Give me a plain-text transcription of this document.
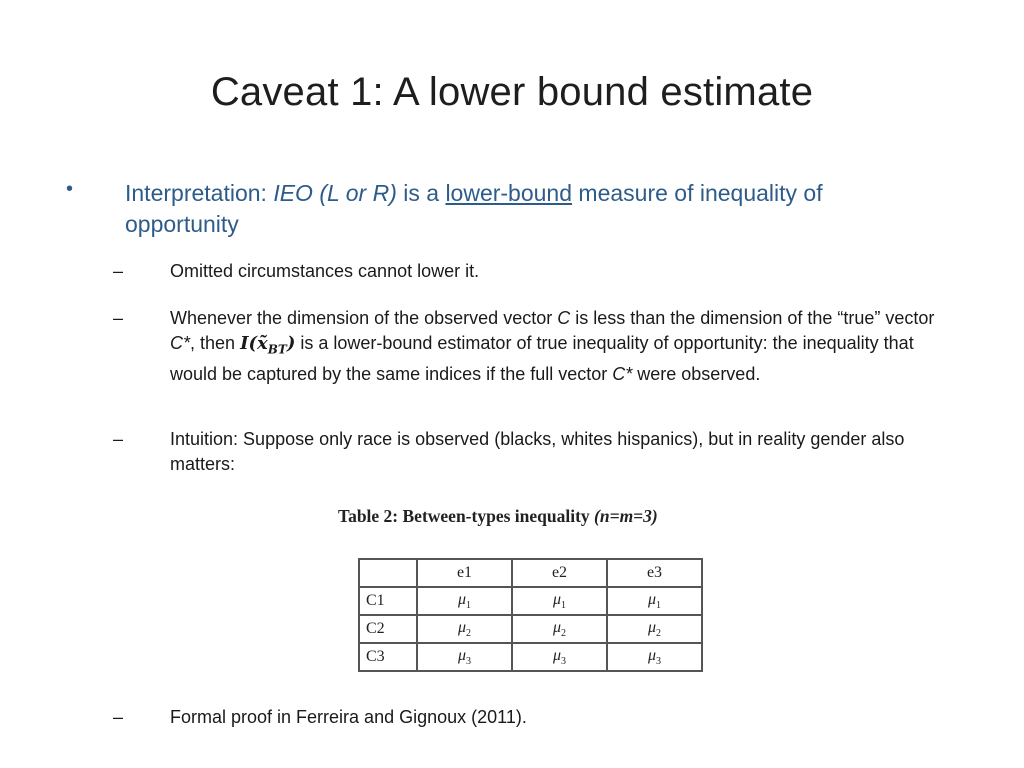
Caveat 1: A lower bound estimate
• Interpretation: IEO (L or R) is a lower-bound measure of inequality of opportunity
–	Omitted circumstances cannot lower it.
–	Whenever the dimension of the observed vector C is less than the dimension of the “true” vector C*, then $I(x̃_{BT})$ is a lower-bound estimator of true inequality of opportunity: the inequality that would be captured by the same indices if the full vector C* were observed.
–	Intuition: Suppose only race is observed (blacks, whites hispanics), but in reality gender also matters:
Table 2: Between-types inequality (n=m=3)
	e1	e2	e3
C1	$\mu_1$	$\mu_1$	$\mu_1$
C2	$\mu_2$	$\mu_2$	$\mu_2$
C3	$\mu_3$	$\mu_3$	$\mu_3$
–	Formal proof in Ferreira and Gignoux (2011).
